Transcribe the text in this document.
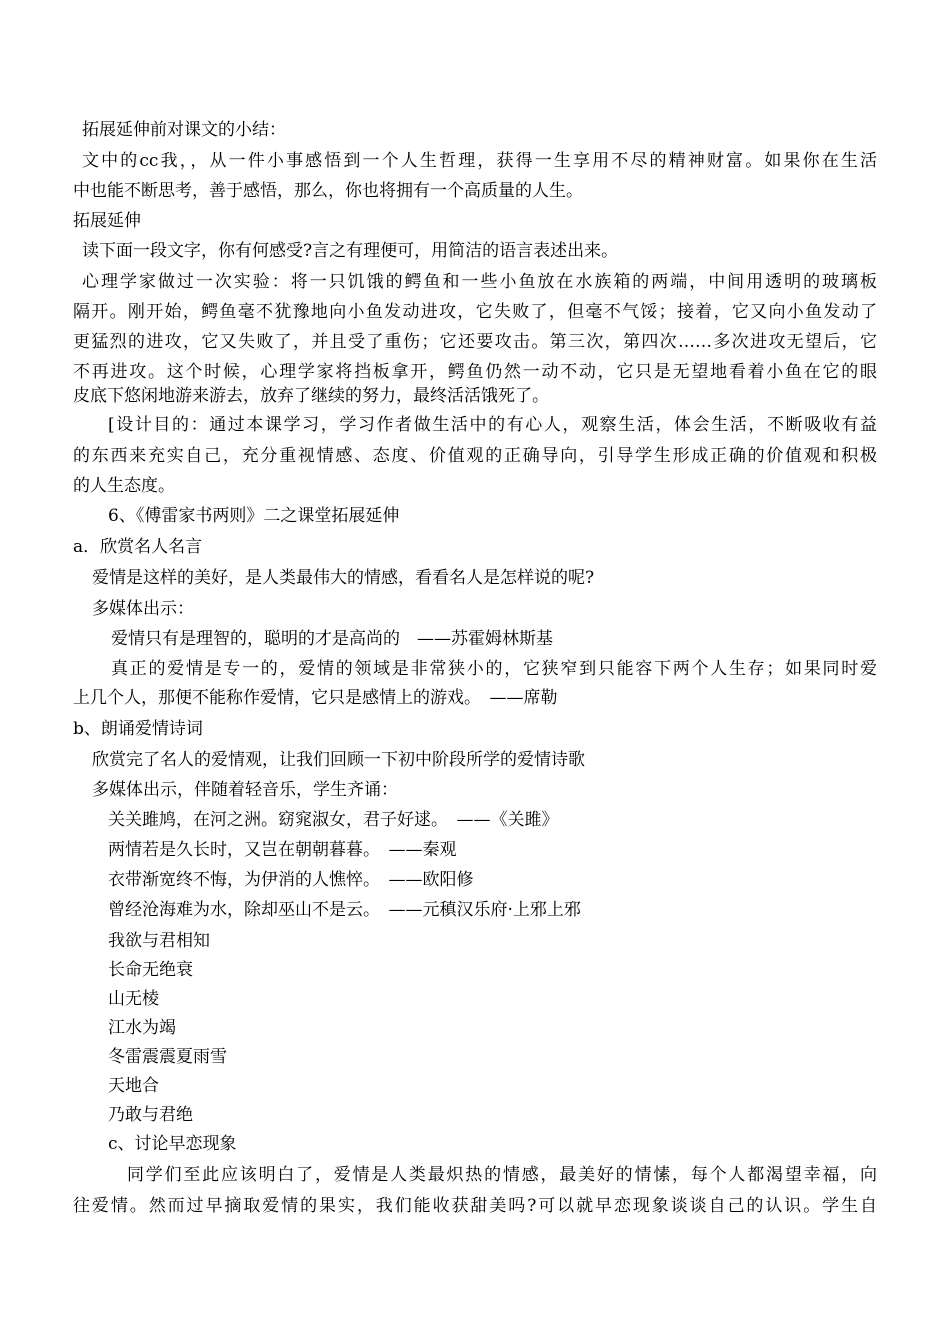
拓展延伸前对课文的小结：
文中的cc我，，从一件小事感悟到一个人生哲理，获得一生享用不尽的精神财富。如果你在生活
中也能不断思考，善于感悟，那么，你也将拥有一个高质量的人生。
拓展延伸
读下面一段文字，你有何感受?言之有理便可，用简洁的语言表述出来。
心理学家做过一次实验：将一只饥饿的鳄鱼和一些小鱼放在水族箱的两端，中间用透明的玻璃板
隔开。刚开始，鳄鱼毫不犹豫地向小鱼发动进攻，它失败了，但毫不气馁；接着，它又向小鱼发动了
更猛烈的进攻，它又失败了，并且受了重伤；它还要攻击。第三次，第四次……多次进攻无望后，它
不再进攻。这个时候，心理学家将挡板拿开，鳄鱼仍然一动不动，它只是无望地看着小鱼在它的眼
皮底下悠闲地游来游去，放弃了继续的努力，最终活活饿死了。
[设计目的：通过本课学习，学习作者做生活中的有心人，观察生活，体会生活，不断吸收有益
的东西来充实自己，充分重视情感、态度、价值观的正确导向，引导学生形成正确的价值观和积极
的人生态度。
6、《傅雷家书两则》二之课堂拓展延伸
a．欣赏名人名言
爱情是这样的美好，是人类最伟大的情感，看看名人是怎样说的呢?
多媒体出示：
爱情只有是理智的，聪明的才是高尚的　——苏霍姆林斯基
真正的爱情是专一的，爱情的领域是非常狭小的，它狭窄到只能容下两个人生存；如果同时爱
上几个人，那便不能称作爱情，它只是感情上的游戏。　——席勒
b、朗诵爱情诗词
欣赏完了名人的爱情观，让我们回顾一下初中阶段所学的爱情诗歌
多媒体出示，伴随着轻音乐，学生齐诵：
关关雎鸠，在河之洲。窈窕淑女，君子好逑。　——《关雎》
两情若是久长时，又岂在朝朝暮暮。　——秦观
衣带渐宽终不悔，为伊消的人憔悴。　——欧阳修
曾经沧海难为水，除却巫山不是云。　——元稹汉乐府·上邪上邪
我欲与君相知
长命无绝衰
山无棱
江水为竭
冬雷震震夏雨雪
天地合
乃敢与君绝
c、讨论早恋现象
同学们至此应该明白了，爱情是人类最炽热的情感，最美好的情愫，每个人都渴望幸福，向
往爱情。然而过早摘取爱情的果实，我们能收获甜美吗?可以就早恋现象谈谈自己的认识。学生自
